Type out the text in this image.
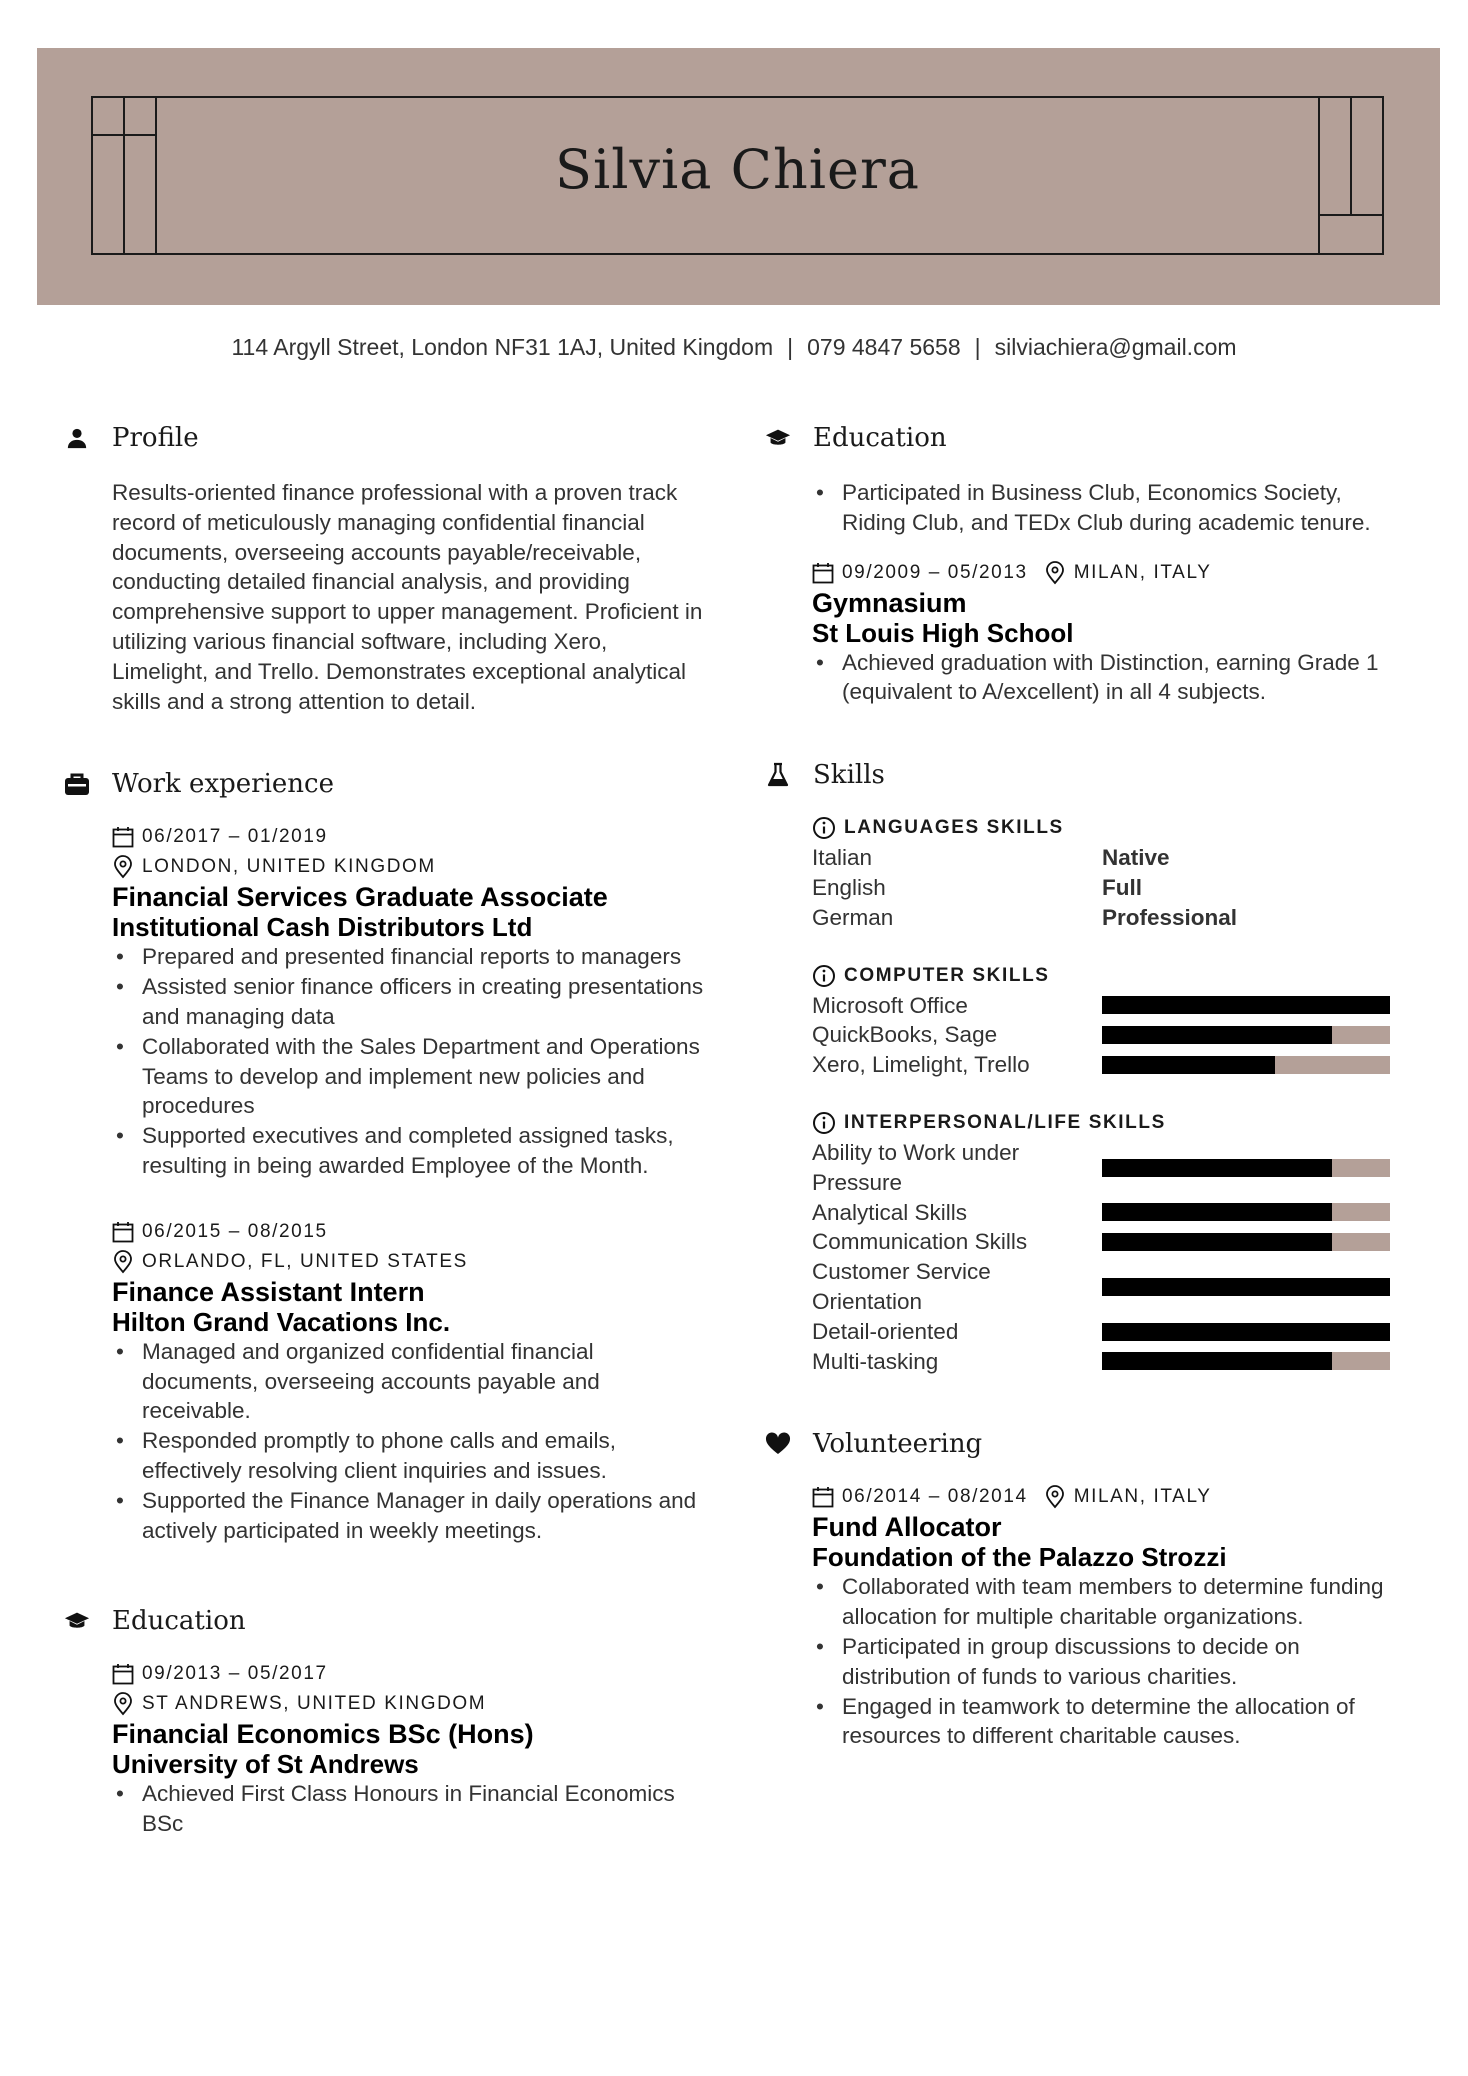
Silvia Chiera
114 Argyll Street, London NF31 1AJ, United Kingdom | 079 4847 5658 | silviachiera@gmail.com
Profile
Results-oriented finance professional with a proven track record of meticulously managing confidential financial documents, overseeing accounts payable/receivable, conducting detailed financial analysis, and providing comprehensive support to upper management. Proficient in utilizing various financial software, including Xero, Limelight, and Trello. Demonstrates exceptional analytical skills and a strong attention to detail.
Work experience
06/2017 – 01/2019
LONDON, UNITED KINGDOM
Financial Services Graduate Associate
Institutional Cash Distributors Ltd
• Prepared and presented financial reports to managers
• Assisted senior finance officers in creating presentations and managing data
• Collaborated with the Sales Department and Operations Teams to develop and implement new policies and procedures
• Supported executives and completed assigned tasks, resulting in being awarded Employee of the Month.
06/2015 – 08/2015
ORLANDO, FL, UNITED STATES
Finance Assistant Intern
Hilton Grand Vacations Inc.
• Managed and organized confidential financial documents, overseeing accounts payable and receivable.
• Responded promptly to phone calls and emails, effectively resolving client inquiries and issues.
• Supported the Finance Manager in daily operations and actively participated in weekly meetings.
Education
09/2013 – 05/2017
ST ANDREWS, UNITED KINGDOM
Financial Economics BSc (Hons)
University of St Andrews
• Achieved First Class Honours in Financial Economics BSc
Education
• Participated in Business Club, Economics Society, Riding Club, and TEDx Club during academic tenure.
09/2009 – 05/2013 MILAN, ITALY
Gymnasium
St Louis High School
• Achieved graduation with Distinction, earning Grade 1 (equivalent to A/excellent) in all 4 subjects.
Skills
LANGUAGES SKILLS
Italian	Native
English	Full
German	Professional
COMPUTER SKILLS
Microsoft Office
QuickBooks, Sage
Xero, Limelight, Trello
INTERPERSONAL/LIFE SKILLS
Ability to Work under Pressure
Analytical Skills
Communication Skills
Customer Service Orientation
Detail-oriented
Multi-tasking
Volunteering
06/2014 – 08/2014 MILAN, ITALY
Fund Allocator
Foundation of the Palazzo Strozzi
• Collaborated with team members to determine funding allocation for multiple charitable organizations.
• Participated in group discussions to decide on distribution of funds to various charities.
• Engaged in teamwork to determine the allocation of resources to different charitable causes.
